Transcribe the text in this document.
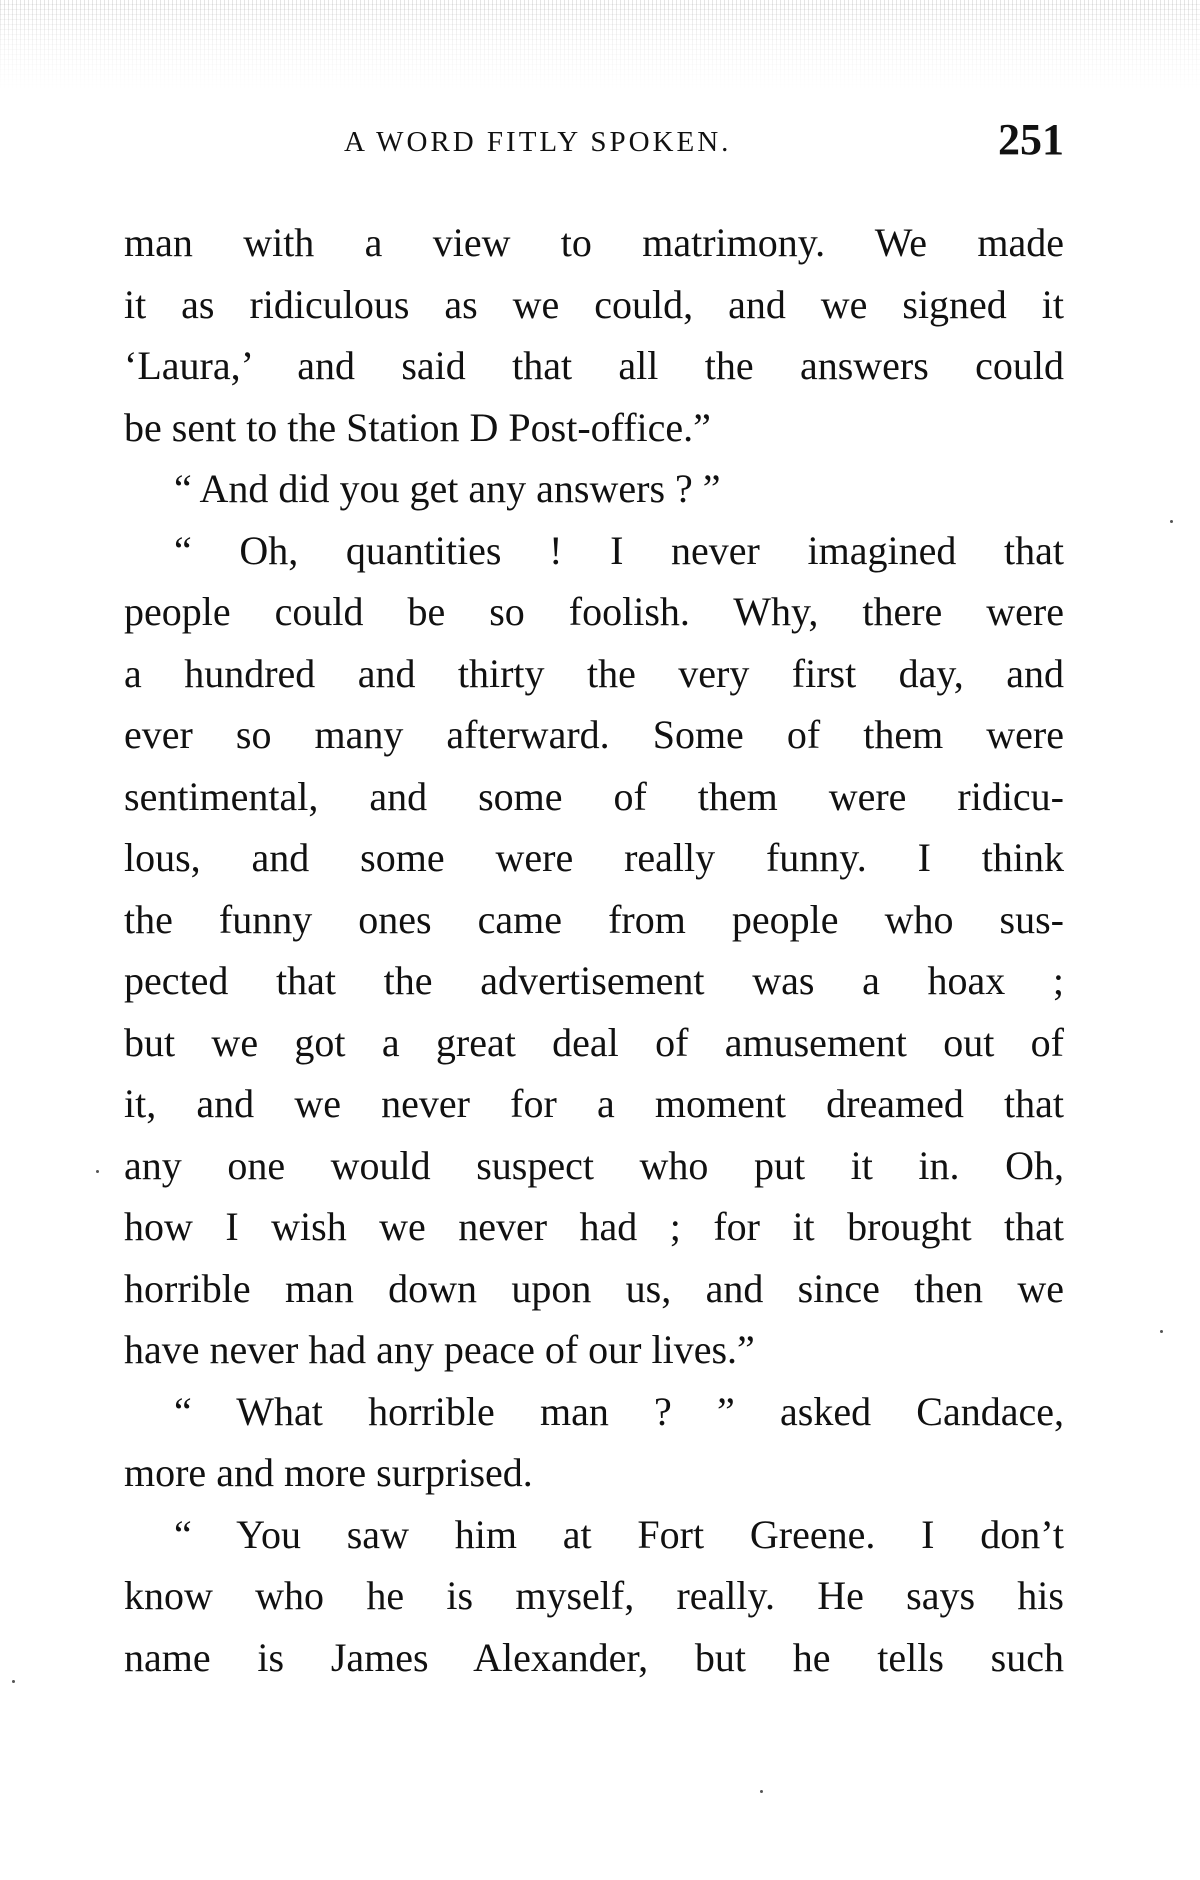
A WORD FITLY SPOKEN.	251
man with a view to matrimony. We made
it as ridiculous as we could, and we signed it
‘Laura,’ and said that all the answers could
be sent to the Station D Post-office.”
“ And did you get any answers ? ”
“ Oh, quantities ! I never imagined that
people could be so foolish. Why, there were
a hundred and thirty the very first day, and
ever so many afterward. Some of them were
sentimental, and some of them were ridicu-
lous, and some were really funny. I think
the funny ones came from people who sus-
pected that the advertisement was a hoax ;
but we got a great deal of amusement out of
it, and we never for a moment dreamed that
any one would suspect who put it in. Oh,
how I wish we never had ; for it brought that
horrible man down upon us, and since then we
have never had any peace of our lives.”
“ What horrible man ? ” asked Candace,
more and more surprised.
“ You saw him at Fort Greene. I don’t
know who he is myself, really. He says his
name is James Alexander, but he tells such
